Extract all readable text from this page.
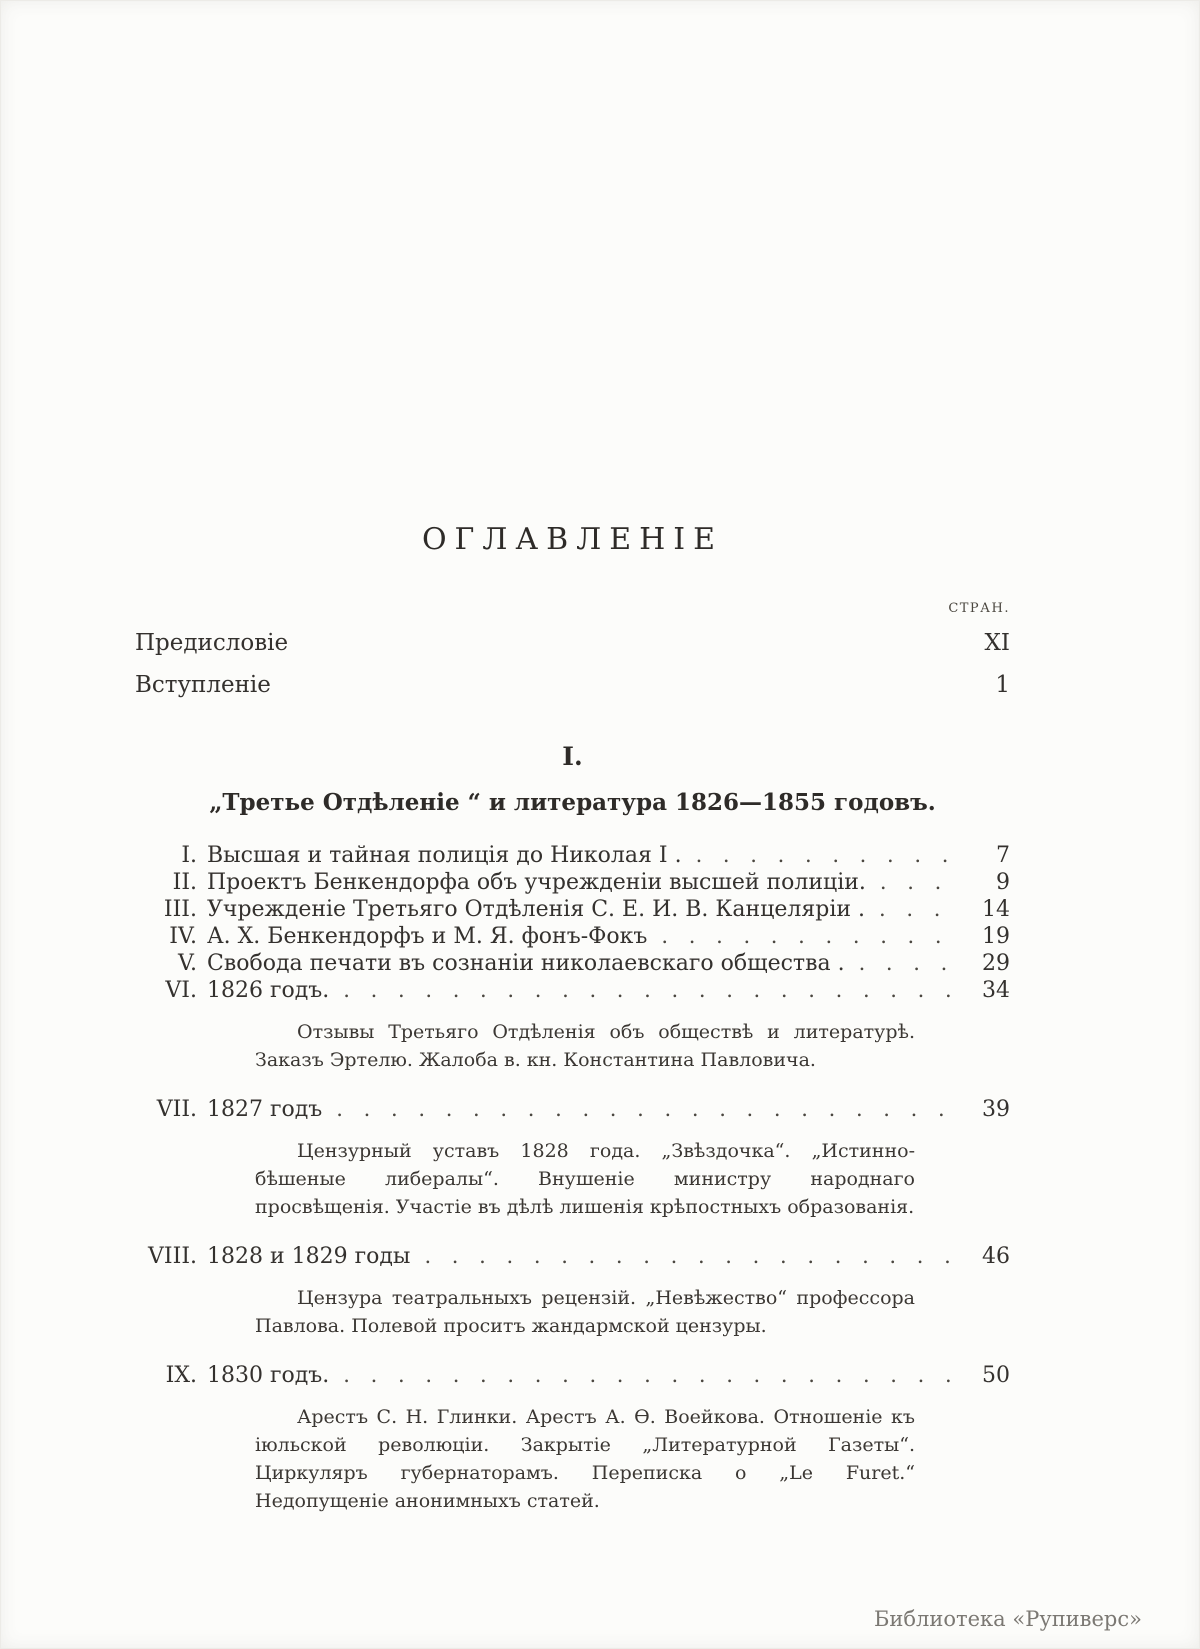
ОГЛАВЛЕНІЕ
СТРАН.
Предисловіе . . .	XI
Вступленіе . . .	1
I.
„Третье Отдѣленіе “ и литература 1826—1855 годовъ.
I. Высшая и тайная полиція до Николая I . . . .	7
II. Проектъ Бенкендорфа объ учрежденіи высшей полиціи. . . .	9
III. Учрежденіе Третьяго Отдѣленія С. Е. И. В. Канцеляріи . . . .	14
IV. А. Х. Бенкендорфъ и М. Я. фонъ-Фокъ . . .	19
V. Свобода печати въ сознаніи николаевскаго общества . . . .	29
VI. 1826 годъ. . . .	34
Отзывы Третьяго Отдѣленія объ обществѣ и литературѣ. Заказъ Эртелю. Жалоба в. кн. Константина Павловича.
VII. 1827 годъ . . .	39
Цензурный уставъ 1828 года. „Звѣздочка“. „Истинно-бѣшеные либералы“. Внушеніе министру народнаго просвѣщенія. Участіе въ дѣлѣ лишенія крѣпостныхъ образованія.
VIII. 1828 и 1829 годы . . .	46
Цензура театральныхъ рецензій. „Невѣжество“ профессора Павлова. Полевой проситъ жандармской цензуры.
IX. 1830 годъ. . . .	50
Арестъ С. Н. Глинки. Арестъ А. Ѳ. Воейкова. Отношеніе къ іюльской революціи. Закрытіе „Литературной Газеты“. Циркуляръ губернаторамъ. Переписка о „Le Furet.“ Недопущеніе анонимныхъ статей.
Библиотека «Рупиверс»
